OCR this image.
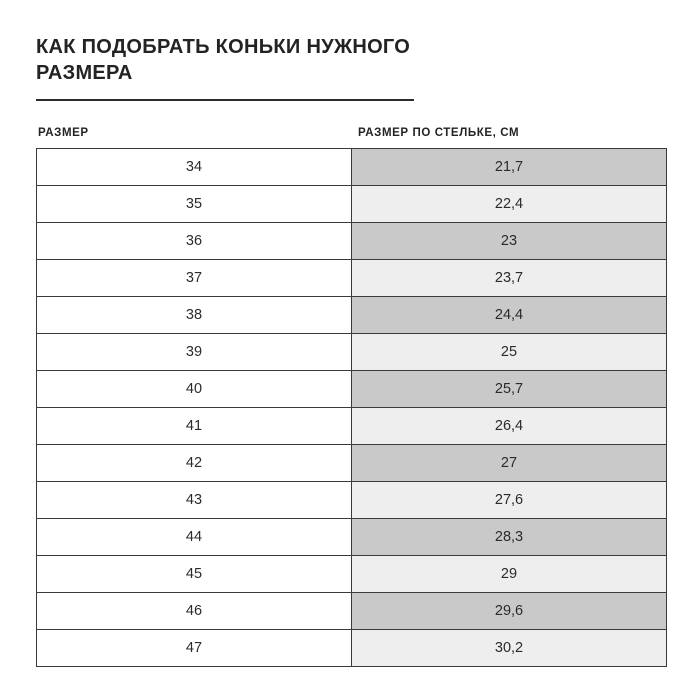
КАК ПОДОБРАТЬ КОНЬКИ НУЖНОГО РАЗМЕРА
РАЗМЕР	РАЗМЕР ПО СТЕЛЬКЕ, СМ
34	21,7
35	22,4
36	23
37	23,7
38	24,4
39	25
40	25,7
41	26,4
42	27
43	27,6
44	28,3
45	29
46	29,6
47	30,2
